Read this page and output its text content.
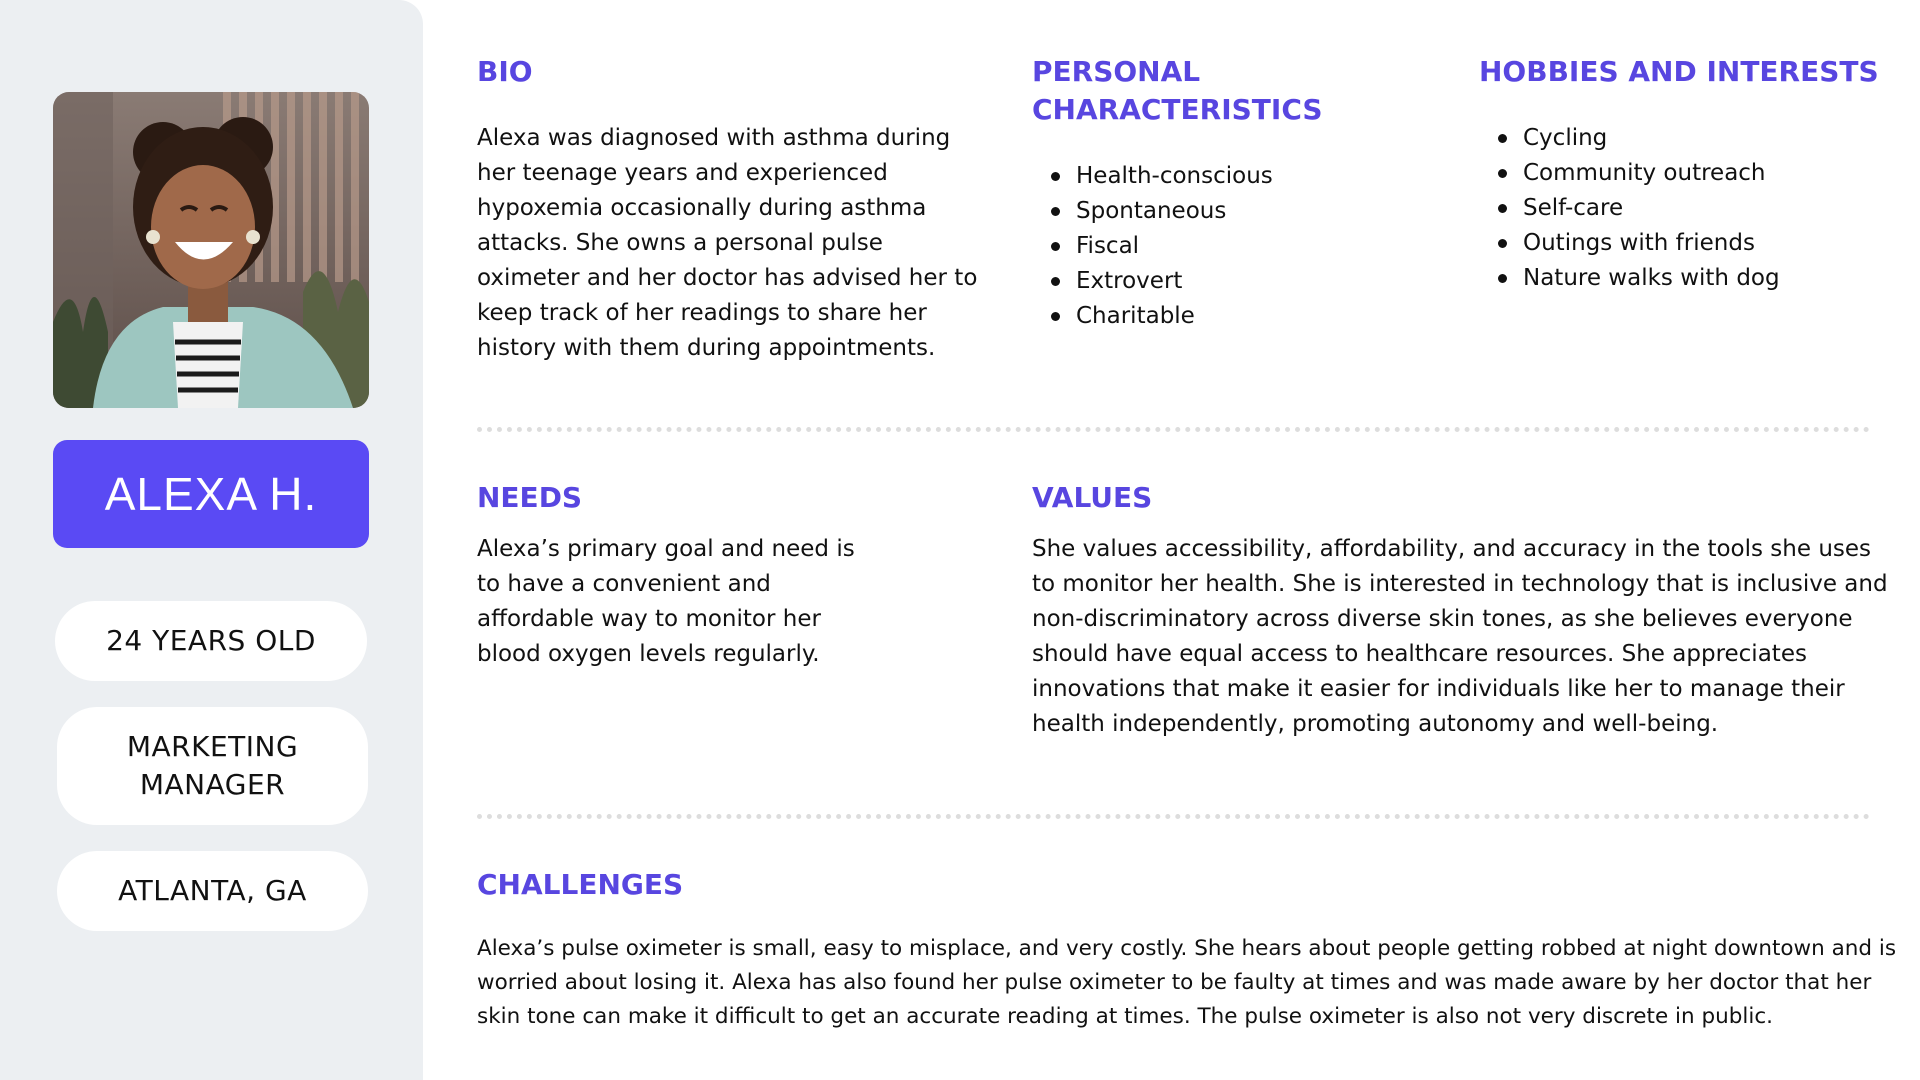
ALEXA H.
24 YEARS OLD
MARKETING MANAGER
ATLANTA, GA
BIO
Alexa was diagnosed with asthma during her teenage years and experienced hypoxemia occasionally during asthma attacks. She owns a personal pulse oximeter and her doctor has advised her to keep track of her readings to share her history with them during appointments.
PERSONAL CHARACTERISTICS
Health-conscious
Spontaneous
Fiscal
Extrovert
Charitable
HOBBIES AND INTERESTS
Cycling
Community outreach
Self-care
Outings with friends
Nature walks with dog
NEEDS
Alexa’s primary goal and need is to have a convenient and affordable way to monitor her blood oxygen levels regularly.
VALUES
She values accessibility, affordability, and accuracy in the tools she uses to monitor her health. She is interested in technology that is inclusive and non-discriminatory across diverse skin tones, as she believes everyone should have equal access to healthcare resources. She appreciates innovations that make it easier for individuals like her to manage their health independently, promoting autonomy and well-being.
CHALLENGES
Alexa’s pulse oximeter is small, easy to misplace, and very costly. She hears about people getting robbed at night downtown and is worried about losing it. Alexa has also found her pulse oximeter to be faulty at times and was made aware by her doctor that her skin tone can make it difficult to get an accurate reading at times. The pulse oximeter is also not very discrete in public.
